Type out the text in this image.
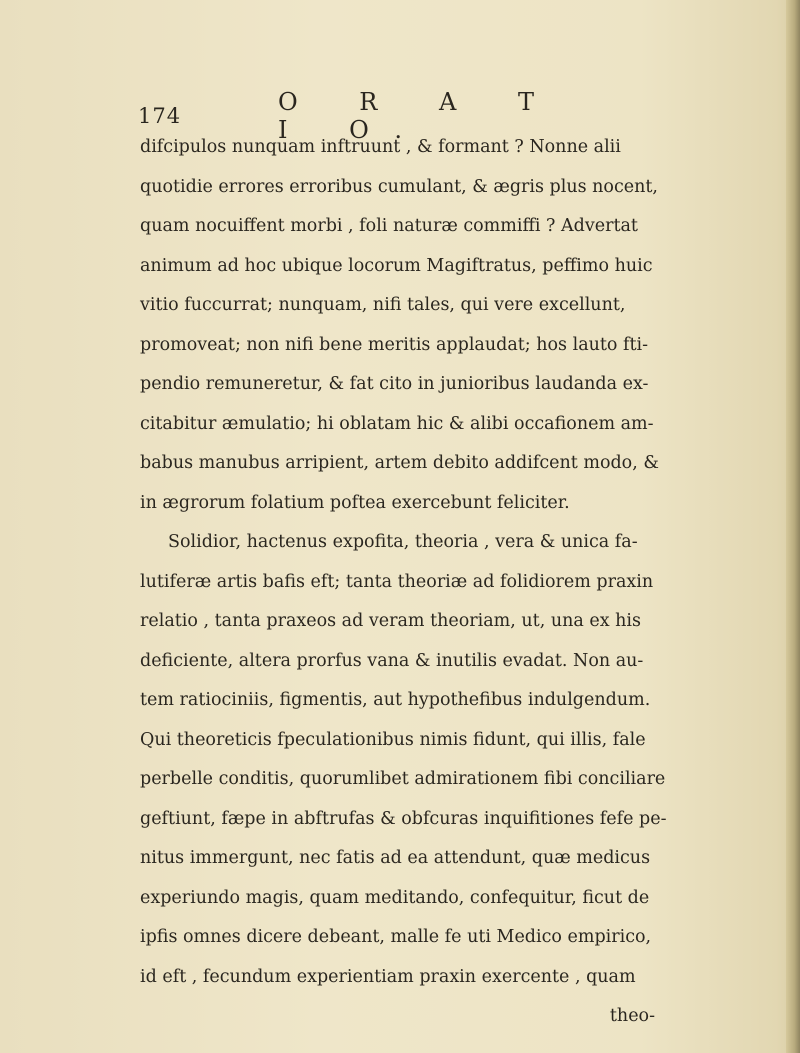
174	O R A T I O.
difcipulos nunquam inftruunt , & formant ? Nonne alii
quotidie errores erroribus cumulant, & ægris plus nocent,
quam nocuiffent morbi , foli naturæ commiffi ? Advertat
animum ad hoc ubique locorum Magiftratus, peffimo huic
vitio fuccurrat; nunquam, nifi tales, qui vere excellunt,
promoveat; non nifi bene meritis applaudat; hos lauto fti-
pendio remuneretur, & fat cito in junioribus laudanda ex-
citabitur æmulatio; hi oblatam hic & alibi occafionem am-
babus manubus arripient, artem debito addifcent modo, &
in ægrorum folatium poftea exercebunt feliciter.
Solidior, hactenus expofita, theoria , vera & unica fa-
lutiferæ artis bafis eft; tanta theoriæ ad folidiorem praxin
relatio , tanta praxeos ad veram theoriam, ut, una ex his
deficiente, altera prorfus vana & inutilis evadat. Non au-
tem ratiociniis, figmentis, aut hypothefibus indulgendum.
Qui theoreticis fpeculationibus nimis fidunt, qui illis, fale
perbelle conditis, quorumlibet admirationem fibi conciliare
geftiunt, fæpe in abftrufas & obfcuras inquifitiones fefe pe-
nitus immergunt, nec fatis ad ea attendunt, quæ medicus
experiundo magis, quam meditando, confequitur, ficut de
ipfis omnes dicere debeant, malle fe uti Medico empirico,
id eft , fecundum experientiam praxin exercente , quam
theo-
